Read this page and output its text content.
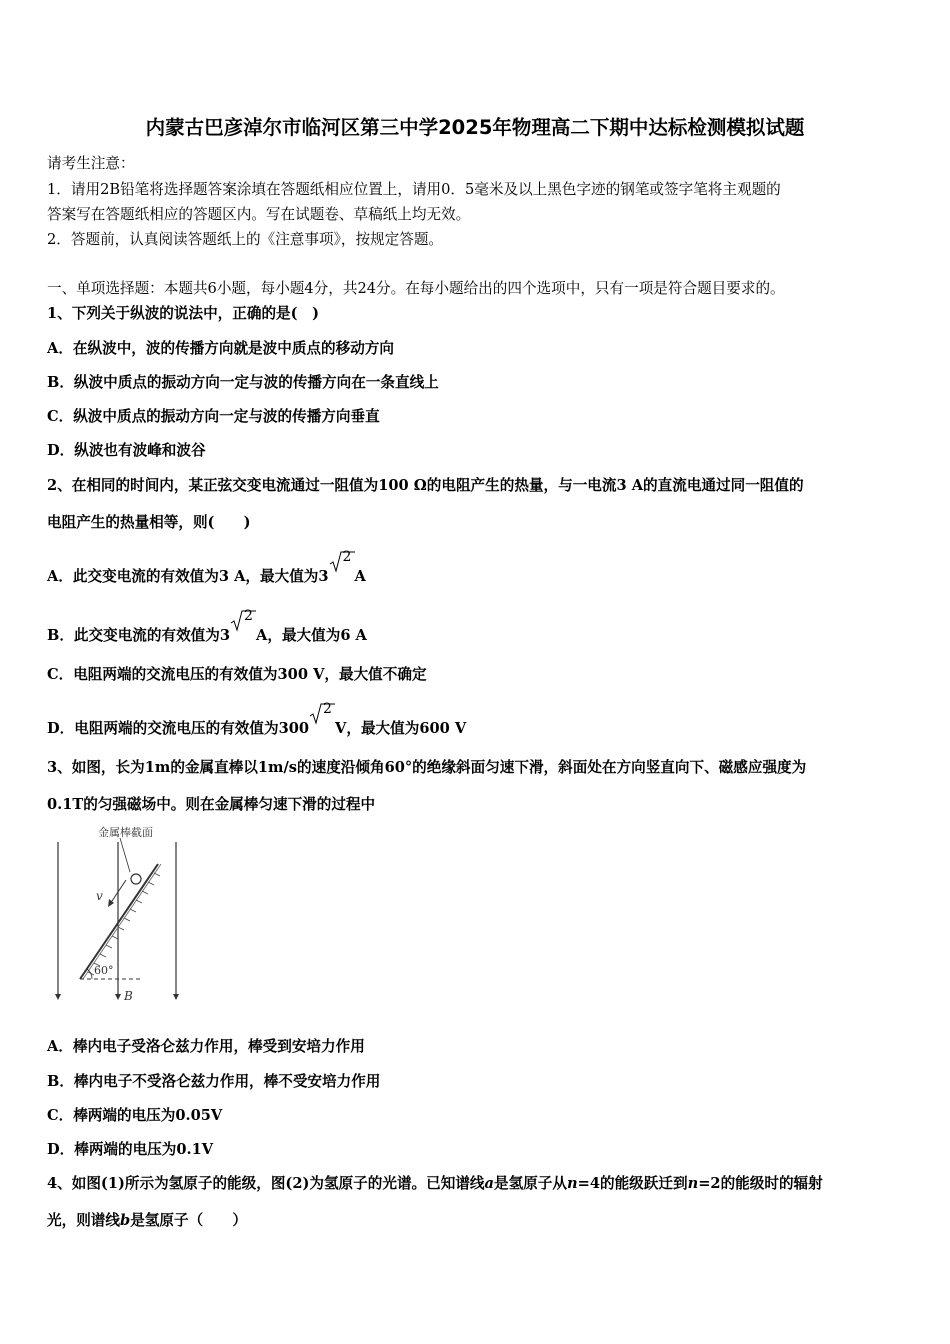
内蒙古巴彦淖尔市临河区第三中学2025年物理高二下期中达标检测模拟试题
请考生注意：
1．请用2B铅笔将选择题答案涂填在答题纸相应位置上，请用0．5毫米及以上黑色字迹的钢笔或签字笔将主观题的
答案写在答题纸相应的答题区内。写在试题卷、草稿纸上均无效。
2．答题前，认真阅读答题纸上的《注意事项》，按规定答题。
一、单项选择题：本题共6小题，每小题4分，共24分。在每小题给出的四个选项中，只有一项是符合题目要求的。
1、下列关于纵波的说法中，正确的是(　)
A．在纵波中，波的传播方向就是波中质点的移动方向
B．纵波中质点的振动方向一定与波的传播方向在一条直线上
C．纵波中质点的振动方向一定与波的传播方向垂直
D．纵波也有波峰和波谷
2、在相同的时间内，某正弦交变电流通过一阻值为100 Ω的电阻产生的热量，与一电流3 A的直流电通过同一阻值的
电阻产生的热量相等，则(　　)
A．此交变电流的有效值为3 A，最大值为3
2
A
B．此交变电流的有效值为3
2
A，最大值为6 A
C．电阻两端的交流电压的有效值为300 V，最大值不确定
D．电阻两端的交流电压的有效值为300
2
V，最大值为600 V
3、如图，长为1m的金属直棒以1m/s的速度沿倾角60°的绝缘斜面匀速下滑，斜面处在方向竖直向下、磁感应强度为
0.1T的匀强磁场中。则在金属棒匀速下滑的过程中
金属棒截面
v
60°
B
A．棒内电子受洛仑兹力作用，棒受到安培力作用
B．棒内电子不受洛仑兹力作用，棒不受安培力作用
C．棒两端的电压为0.05V
D．棒两端的电压为0.1V
4、如图(1)所示为氢原子的能级，图(2)为氢原子的光谱。已知谱线a是氢原子从n=4的能级跃迁到n=2的能级时的辐射
光，则谱线b是氢原子（　　）
